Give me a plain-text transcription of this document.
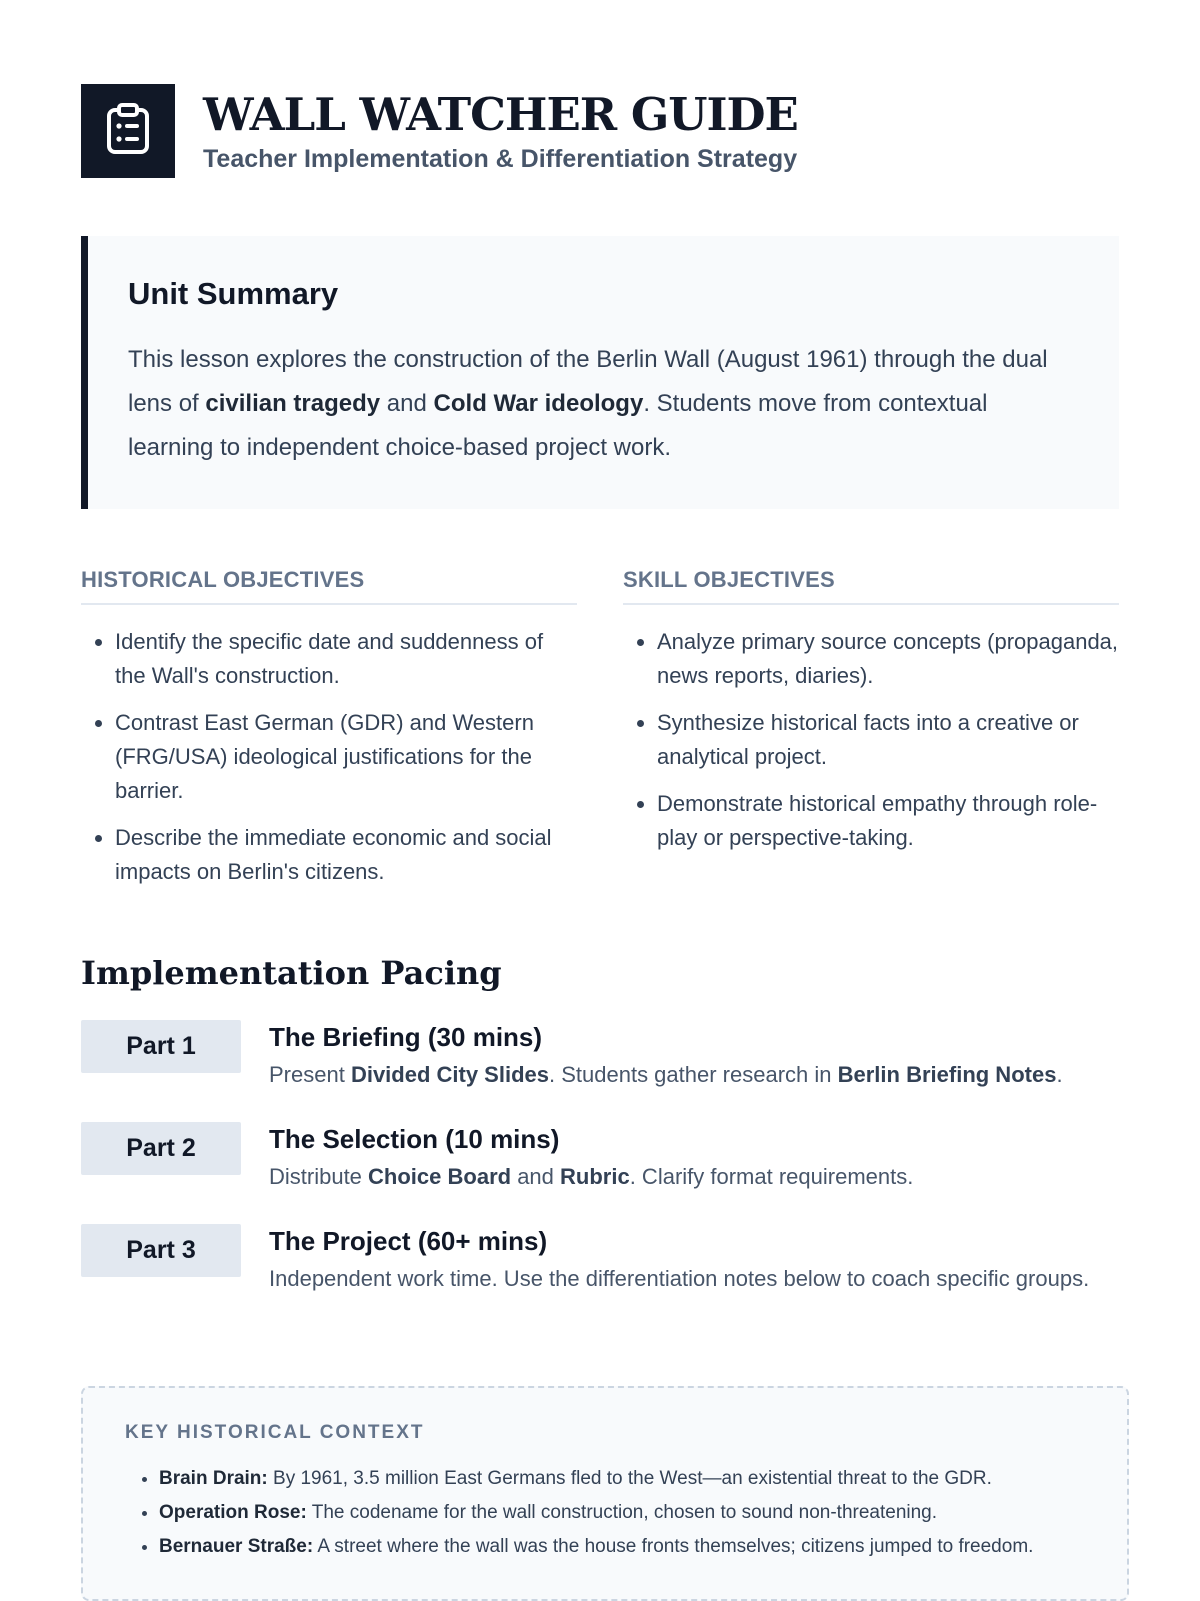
WALL WATCHER GUIDE
Teacher Implementation & Differentiation Strategy
Unit Summary

This lesson explores the construction of the Berlin Wall (August 1961) through the dual lens of civilian tragedy and Cold War ideology. Students move from contextual learning to independent choice-based project work.

HISTORICAL OBJECTIVES
• Identify the specific date and suddenness of the Wall's construction.
• Contrast East German (GDR) and Western (FRG/USA) ideological justifications for the barrier.
• Describe the immediate economic and social impacts on Berlin's citizens.
SKILL OBJECTIVES
• Analyze primary source concepts (propaganda, news reports, diaries).
• Synthesize historical facts into a creative or analytical project.
• Demonstrate historical empathy through role-play or perspective-taking.
Implementation Pacing
Part 1	The Briefing (30 mins)
Present Divided City Slides. Students gather research in Berlin Briefing Notes.
Part 2	The Selection (10 mins)
Distribute Choice Board and Rubric. Clarify format requirements.
Part 3	The Project (60+ mins)
Independent work time. Use the differentiation notes below to coach specific groups.
KEY HISTORICAL CONTEXT
• Brain Drain: By 1961, 3.5 million East Germans fled to the West—an existential threat to the GDR.
• Operation Rose: The codename for the wall construction, chosen to sound non-threatening.
• Bernauer Straße: A street where the wall was the house fronts themselves; citizens jumped to freedom.
